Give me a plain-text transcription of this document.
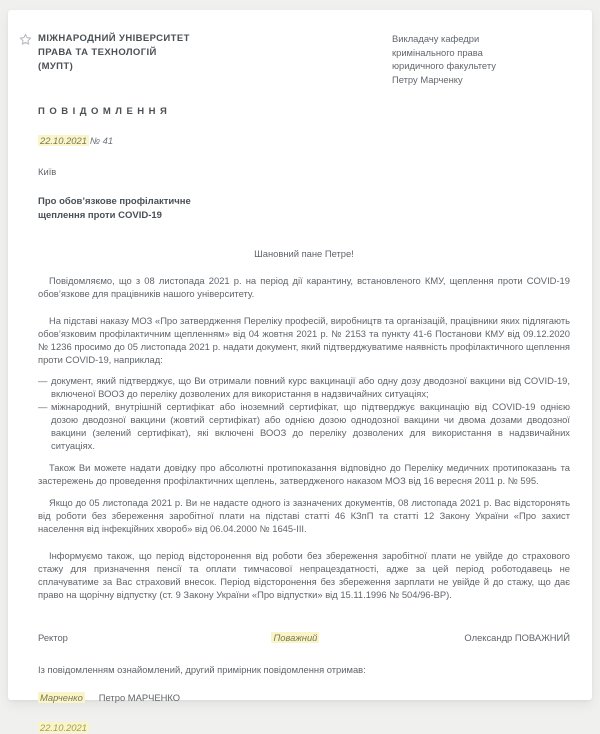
МІЖНАРОДНИЙ УНІВЕРСИТЕТ
ПРАВА ТА ТЕХНОЛОГІЙ
(МУПТ)
Викладачу кафедри
кримінального права
юридичного факультету
Петру Марченку
ПОВІДОМЛЕННЯ
22.10.2021 № 41
Київ
Про обов’язкове профілактичне
щеплення проти COVID-19
Шановний пане Петре!

Повідомляємо, що з 08 листопада 2021 р. на період дії карантину, встановленого КМУ, щеплення проти COVID-19 обов’язкове для працівників нашого університету.

На підставі наказу МОЗ «Про затвердження Переліку професій, виробництв та організацій, працівники яких підлягають обов’язковим профілактичним щепленням» від 04 жовтня 2021 р. № 2153 та пункту 41-6 Постанови КМУ від 09.12.2020 № 1236 просимо до 05 листопада 2021 р. надати документ, який підтверджуватиме наявність профілактичного щеплення проти COVID-19, наприклад:

— документ, який підтверджує, що Ви отримали повний курс вакцинації або одну дозу дводозної вакцини від COVID-19, включеної ВООЗ до переліку дозволених для використання в надзвичайних ситуаціях;
— міжнародний, внутрішній сертифікат або іноземний сертифікат, що підтверджує вакцинацію від COVID-19 однією дозою дводозної вакцини (жовтий сертифікат) або однією дозою однодозної вакцини чи двома дозами дводозної вакцини (зелений сертифікат), які включені ВООЗ до переліку дозволених для використання в надзвичайних ситуаціях.

Також Ви можете надати довідку про абсолютні протипоказання відповідно до Переліку медичних протипоказань та застережень до проведення профілактичних щеплень, затвердженого наказом МОЗ від 16 вересня 2011 р. № 595.

Якщо до 05 листопада 2021 р. Ви не надасте одного із зазначених документів, 08 листопада 2021 р. Вас відсторонять від роботи без збереження заробітної плати на підставі статті 46 КЗпП та статті 12 Закону України «Про захист населення від інфекційних хвороб» від 06.04.2000 № 1645-III.

Інформуємо також, що період відсторонення від роботи без збереження заробітної плати не увійде до страхового стажу для призначення пенсії та оплати тимчасової непрацездатності, адже за цей період роботодавець не сплачуватиме за Вас страховий внесок. Період відсторонення без збереження зарплати не увійде й до стажу, що дає право на щорічну відпустку (ст. 9 Закону України «Про відпустки» від 15.11.1996 № 504/96-ВР).

Ректор	Поважний	Олександр ПОВАЖНИЙ
Із повідомленням ознайомлений, другий примірник повідомлення отримав:
Марченко Петро МАРЧЕНКО
22.10.2021
